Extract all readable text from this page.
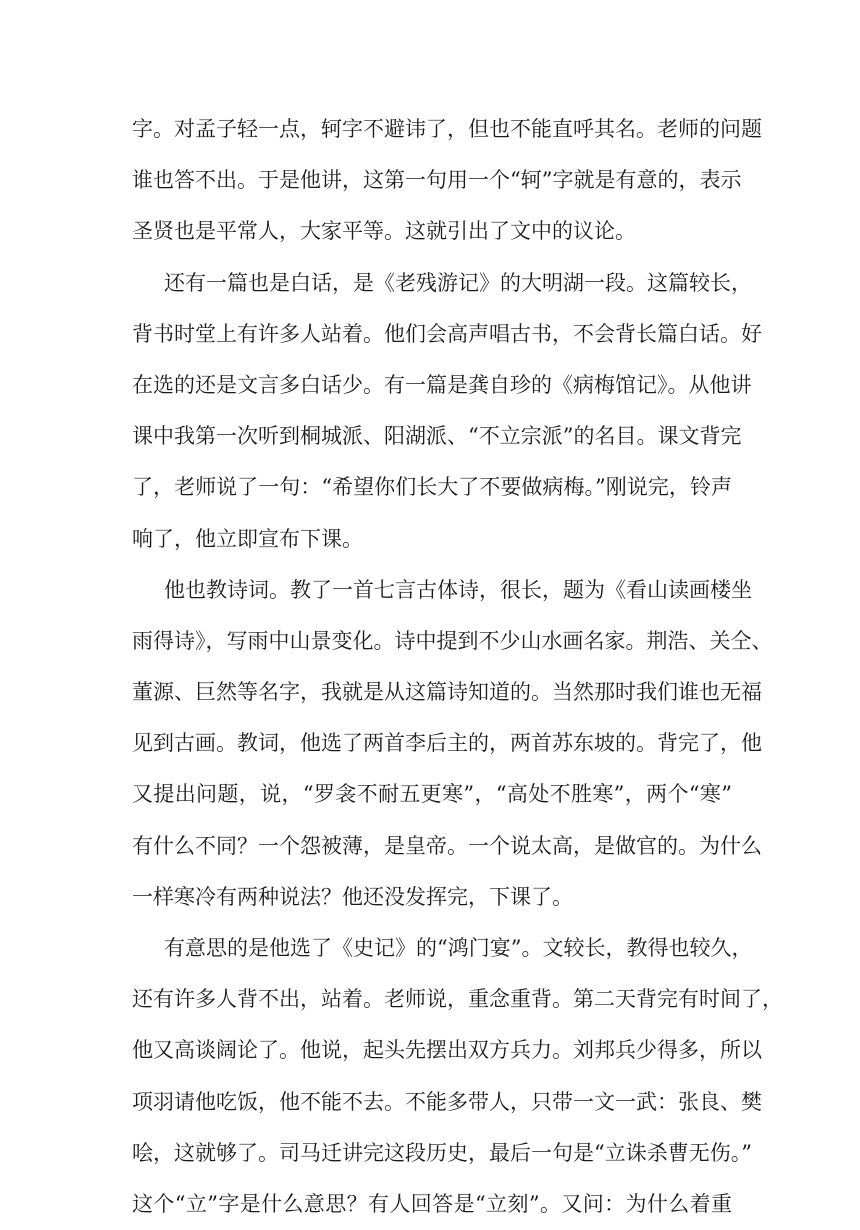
字。对孟子轻一点，轲字不避讳了，但也不能直呼其名。老师的问题
谁也答不出。于是他讲，这第一句用一个“轲”字就是有意的，表示
圣贤也是平常人，大家平等。这就引出了文中的议论。
还有一篇也是白话，是《老残游记》的大明湖一段。这篇较长，
背书时堂上有许多人站着。他们会高声唱古书，不会背长篇白话。好
在选的还是文言多白话少。有一篇是龚自珍的《病梅馆记》。从他讲
课中我第一次听到桐城派、阳湖派、“不立宗派”的名目。课文背完
了，老师说了一句：“希望你们长大了不要做病梅。”刚说完，铃声
响了，他立即宣布下课。
他也教诗词。教了一首七言古体诗，很长，题为《看山读画楼坐
雨得诗》，写雨中山景变化。诗中提到不少山水画名家。荆浩、关仝、
董源、巨然等名字，我就是从这篇诗知道的。当然那时我们谁也无福
见到古画。教词，他选了两首李后主的，两首苏东坡的。背完了，他
又提出问题，说，“罗衾不耐五更寒”，“高处不胜寒”，两个“寒”
有什么不同？一个怨被薄，是皇帝。一个说太高，是做官的。为什么
一样寒冷有两种说法？他还没发挥完，下课了。
有意思的是他选了《史记》的“鸿门宴”。文较长，教得也较久，
还有许多人背不出，站着。老师说，重念重背。第二天背完有时间了，
他又高谈阔论了。他说，起头先摆出双方兵力。刘邦兵少得多，所以
项羽请他吃饭，他不能不去。不能多带人，只带一文一武：张良、樊
哙，这就够了。司马迁讲完这段历史，最后一句是“立诛杀曹无伤。”
这个“立”字是什么意思？有人回答是“立刻”。又问：为什么着重
